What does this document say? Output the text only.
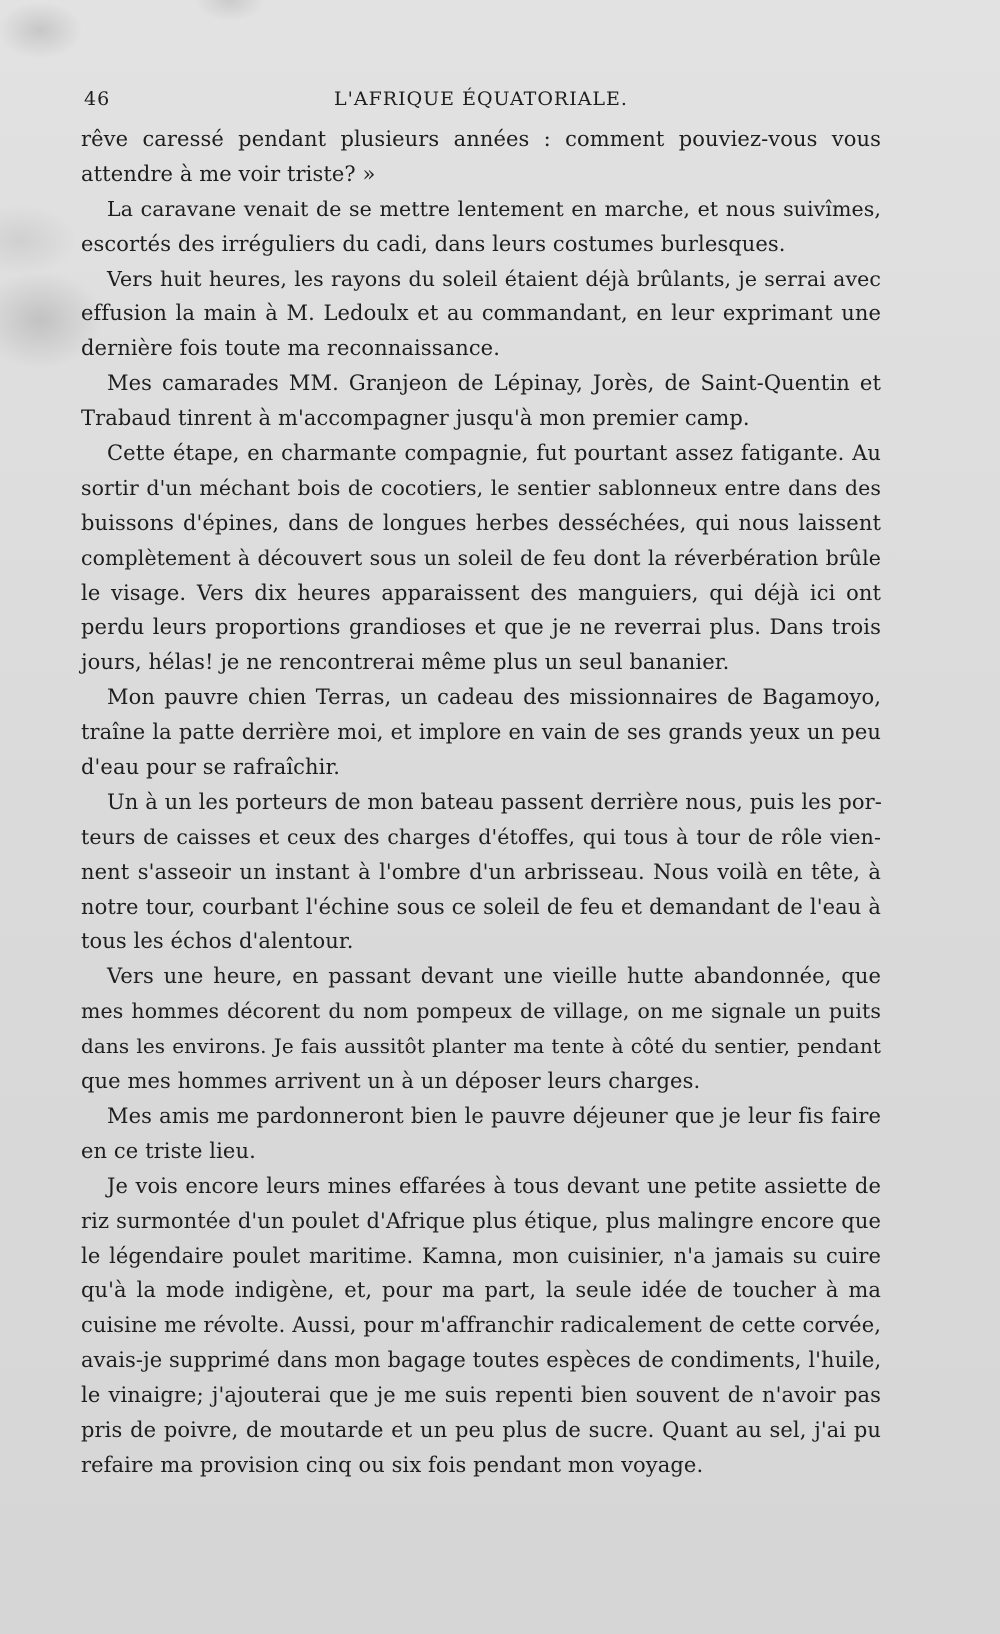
46	L'AFRIQUE ÉQUATORIALE.
rêve caressé pendant plusieurs années : comment pouviez-vous vous
attendre à me voir triste? »
La caravane venait de se mettre lentement en marche, et nous suivîmes,
escortés des irréguliers du cadi, dans leurs costumes burlesques.
Vers huit heures, les rayons du soleil étaient déjà brûlants, je serrai avec
effusion la main à M. Ledoulx et au commandant, en leur exprimant une
dernière fois toute ma reconnaissance.
Mes camarades MM. Granjeon de Lépinay, Jorès, de Saint-Quentin et
Trabaud tinrent à m'accompagner jusqu'à mon premier camp.
Cette étape, en charmante compagnie, fut pourtant assez fatigante. Au
sortir d'un méchant bois de cocotiers, le sentier sablonneux entre dans des
buissons d'épines, dans de longues herbes desséchées, qui nous laissent
complètement à découvert sous un soleil de feu dont la réverbération brûle
le visage. Vers dix heures apparaissent des manguiers, qui déjà ici ont
perdu leurs proportions grandioses et que je ne reverrai plus. Dans trois
jours, hélas! je ne rencontrerai même plus un seul bananier.
Mon pauvre chien Terras, un cadeau des missionnaires de Bagamoyo,
traîne la patte derrière moi, et implore en vain de ses grands yeux un peu
d'eau pour se rafraîchir.
Un à un les porteurs de mon bateau passent derrière nous, puis les por-
teurs de caisses et ceux des charges d'étoffes, qui tous à tour de rôle vien-
nent s'asseoir un instant à l'ombre d'un arbrisseau. Nous voilà en tête, à
notre tour, courbant l'échine sous ce soleil de feu et demandant de l'eau à
tous les échos d'alentour.
Vers une heure, en passant devant une vieille hutte abandonnée, que
mes hommes décorent du nom pompeux de village, on me signale un puits
dans les environs. Je fais aussitôt planter ma tente à côté du sentier, pendant
que mes hommes arrivent un à un déposer leurs charges.
Mes amis me pardonneront bien le pauvre déjeuner que je leur fis faire
en ce triste lieu.
Je vois encore leurs mines effarées à tous devant une petite assiette de
riz surmontée d'un poulet d'Afrique plus étique, plus malingre encore que
le légendaire poulet maritime. Kamna, mon cuisinier, n'a jamais su cuire
qu'à la mode indigène, et, pour ma part, la seule idée de toucher à ma
cuisine me révolte. Aussi, pour m'affranchir radicalement de cette corvée,
avais-je supprimé dans mon bagage toutes espèces de condiments, l'huile,
le vinaigre; j'ajouterai que je me suis repenti bien souvent de n'avoir pas
pris de poivre, de moutarde et un peu plus de sucre. Quant au sel, j'ai pu
refaire ma provision cinq ou six fois pendant mon voyage.
